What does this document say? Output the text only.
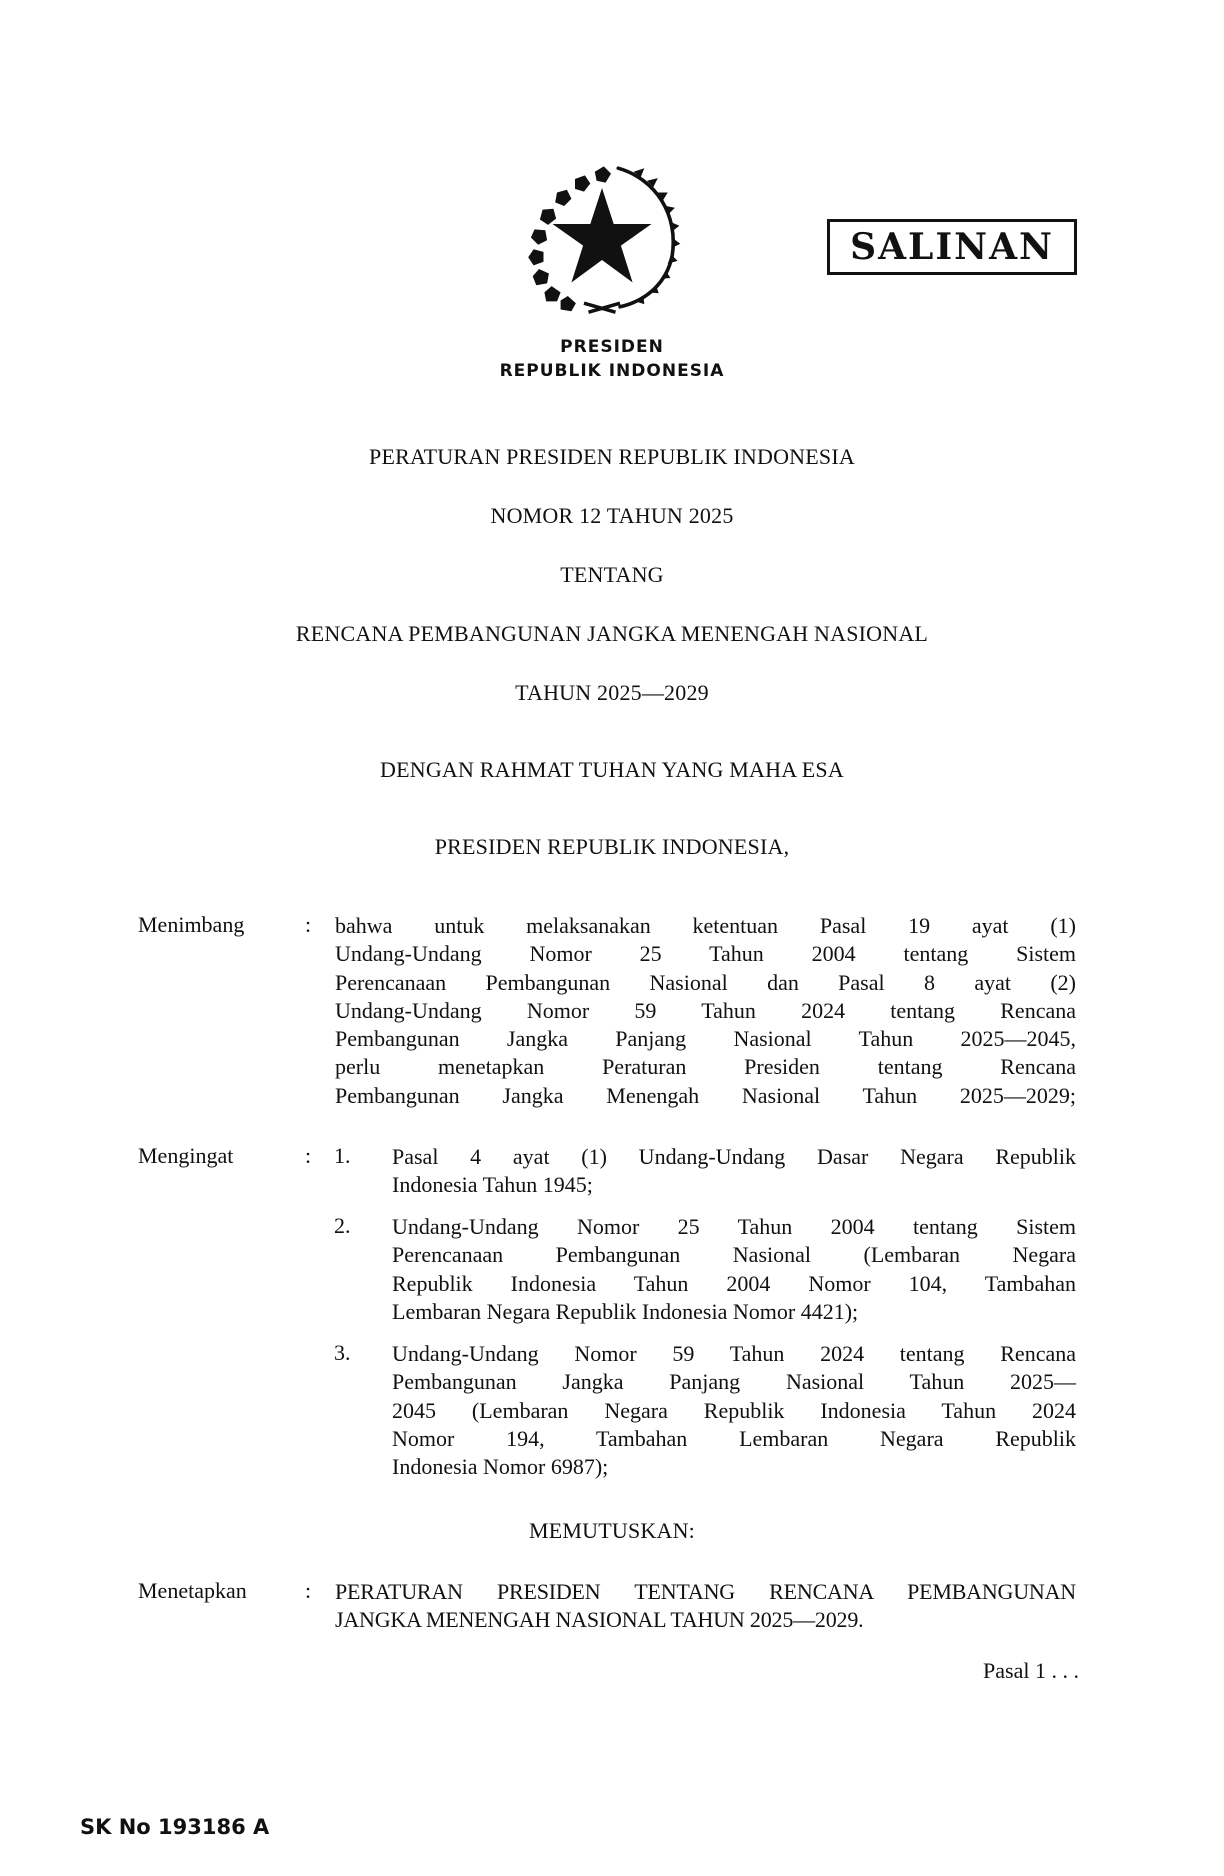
SALINAN
PRESIDEN
REPUBLIK INDONESIA
PERATURAN PRESIDEN REPUBLIK INDONESIA
NOMOR 12 TAHUN 2025
TENTANG
RENCANA PEMBANGUNAN JANGKA MENENGAH NASIONAL
TAHUN 2025—2029
DENGAN RAHMAT TUHAN YANG MAHA ESA
PRESIDEN REPUBLIK INDONESIA,
Menimbang	: bahwa untuk melaksanakan ketentuan Pasal 19 ayat (1)
Undang-Undang Nomor 25 Tahun 2004 tentang Sistem
Perencanaan Pembangunan Nasional dan Pasal 8 ayat (2)
Undang-Undang Nomor 59 Tahun 2024 tentang Rencana
Pembangunan Jangka Panjang Nasional Tahun 2025—2045,
perlu menetapkan Peraturan Presiden tentang Rencana
Pembangunan Jangka Menengah Nasional Tahun 2025—2029;
Mengingat	: 1. Pasal 4 ayat (1) Undang-Undang Dasar Negara Republik
Indonesia Tahun 1945;
2. Undang-Undang Nomor 25 Tahun 2004 tentang Sistem
Perencanaan Pembangunan Nasional (Lembaran Negara
Republik Indonesia Tahun 2004 Nomor 104, Tambahan
Lembaran Negara Republik Indonesia Nomor 4421);
3. Undang-Undang Nomor 59 Tahun 2024 tentang Rencana
Pembangunan Jangka Panjang Nasional Tahun 2025—
2045 (Lembaran Negara Republik Indonesia Tahun 2024
Nomor 194, Tambahan Lembaran Negara Republik
Indonesia Nomor 6987);
MEMUTUSKAN:
Menetapkan	: PERATURAN PRESIDEN TENTANG RENCANA PEMBANGUNAN
JANGKA MENENGAH NASIONAL TAHUN 2025—2029.
Pasal 1 . . .
SK No 193186 A
